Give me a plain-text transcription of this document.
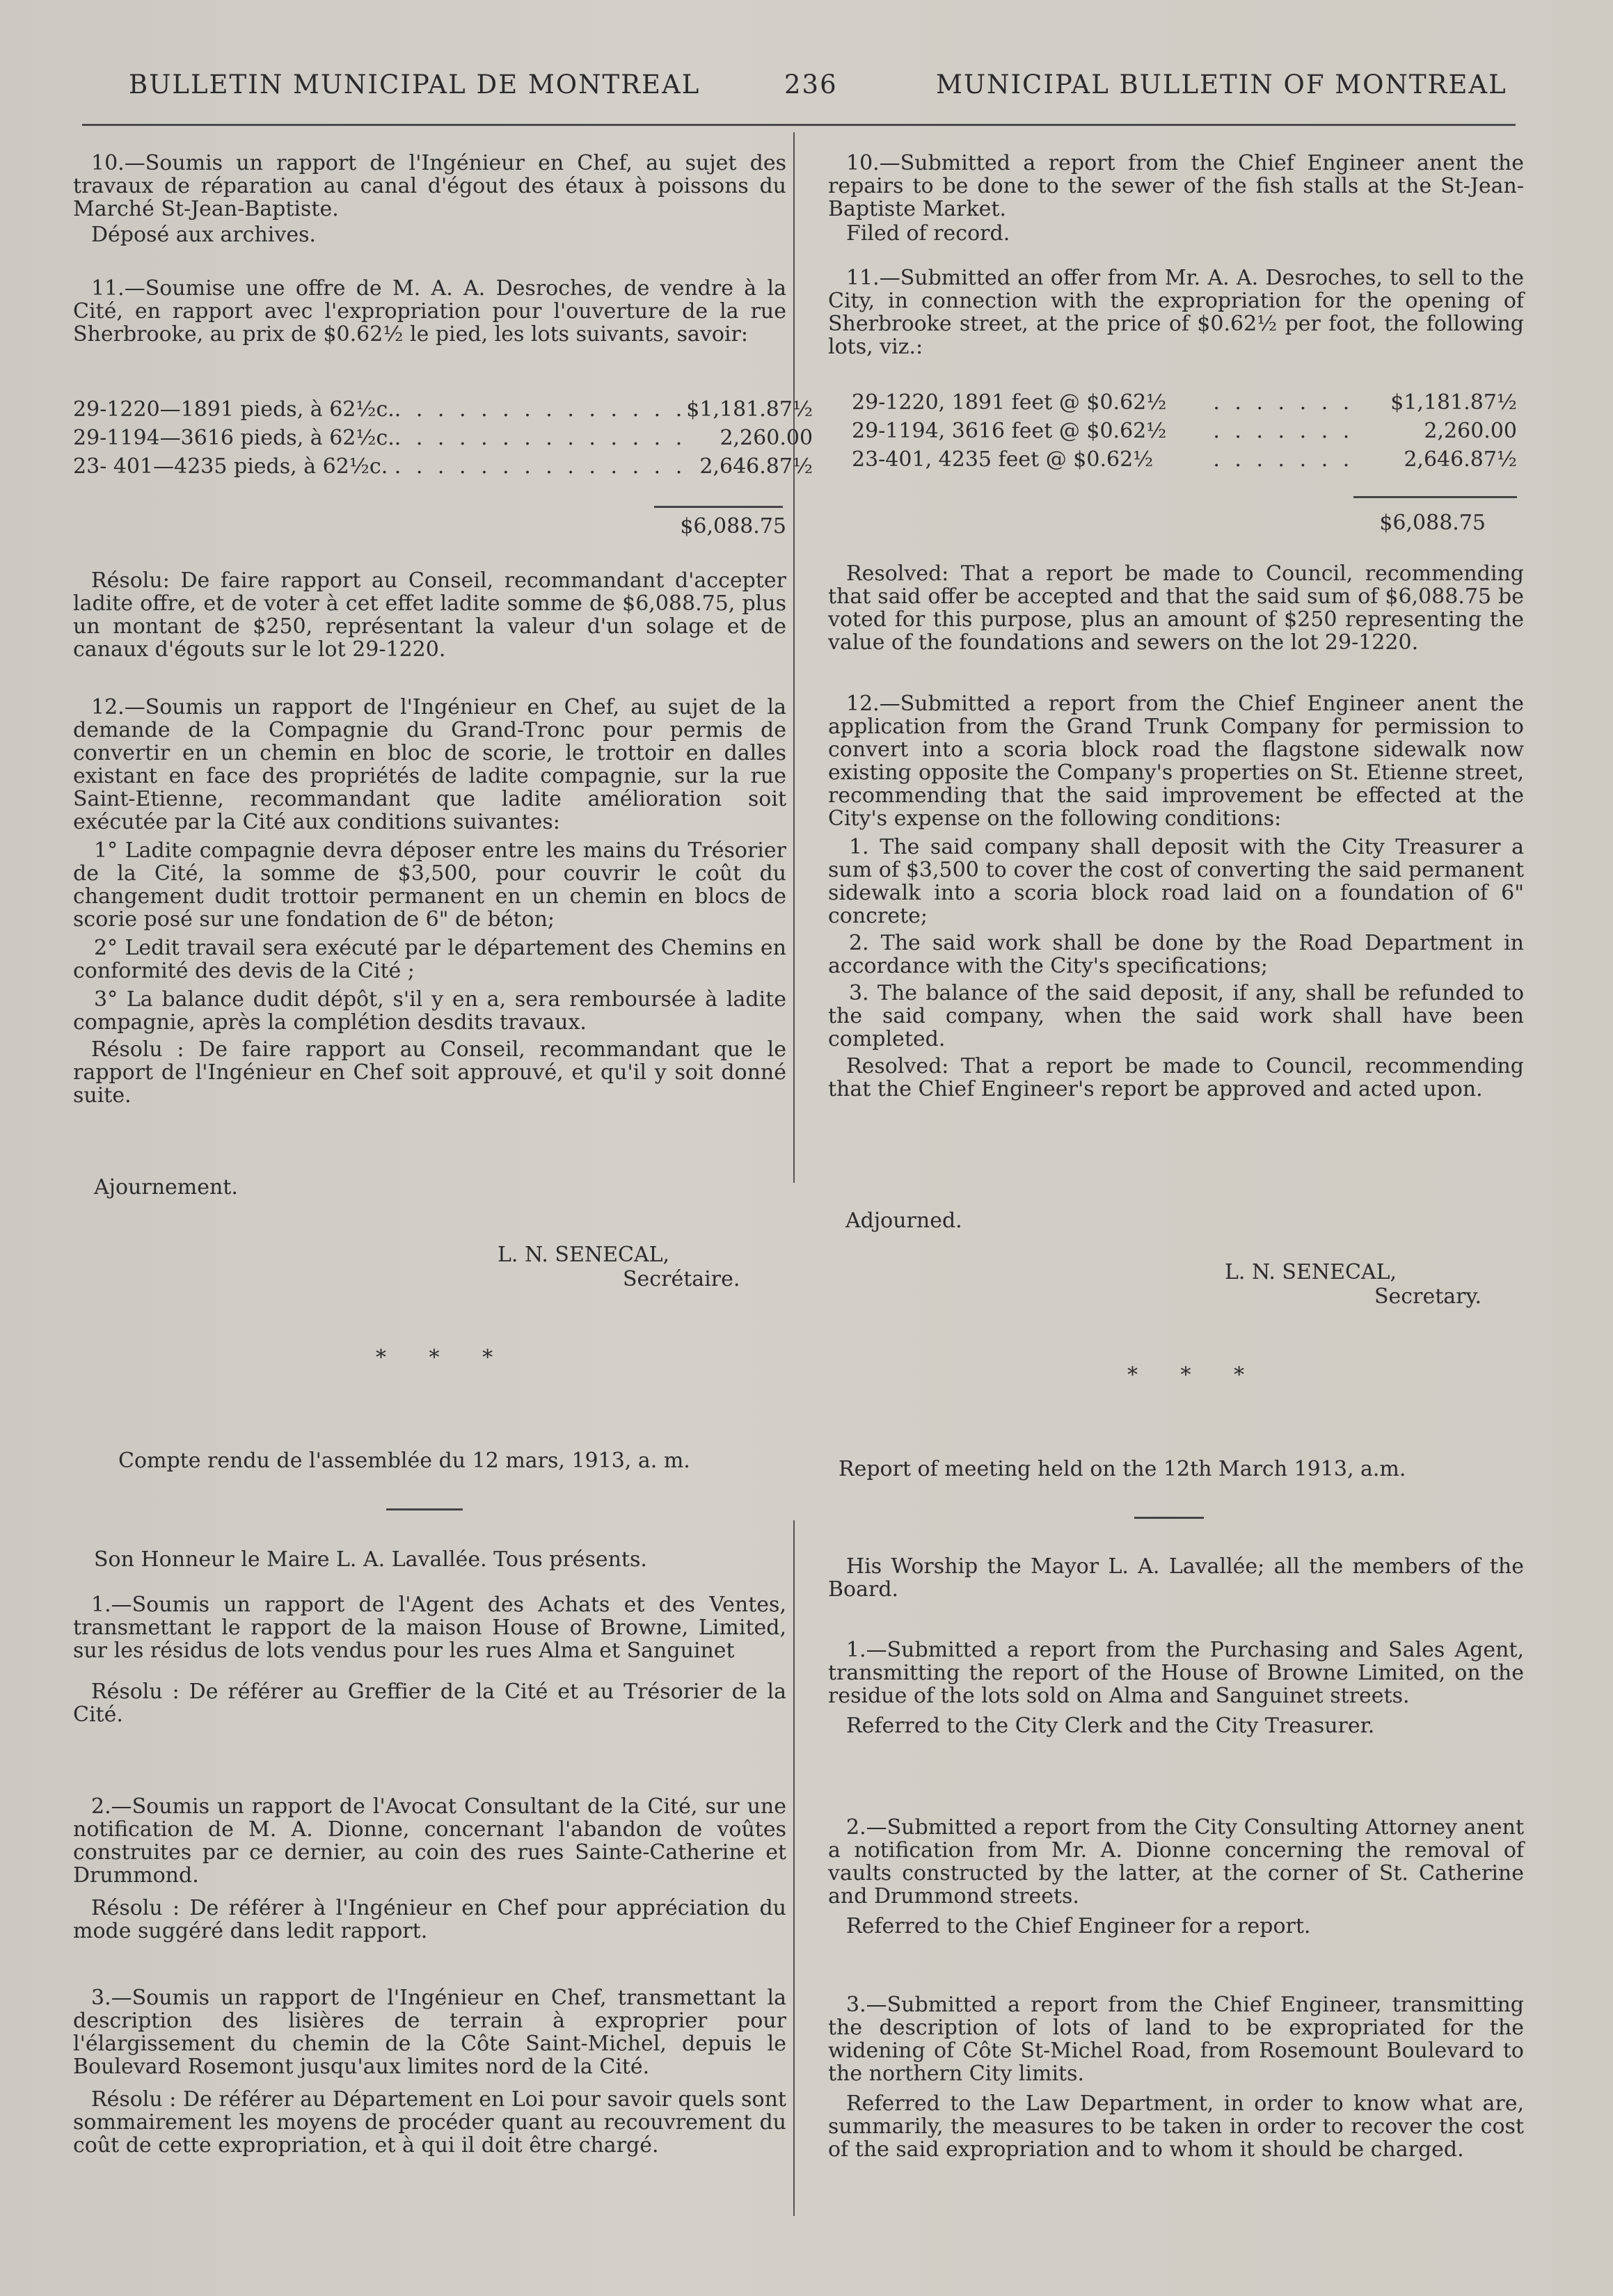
BULLETIN MUNICIPAL DE MONTREAL	236	MUNICIPAL BULLETIN OF MONTREAL

10.—Soumis un rapport de l'Ingénieur en Chef, au sujet des travaux de réparation au canal d'égout des étaux à poissons du Marché St-Jean-Baptiste.

Déposé aux archives.

11.—Soumise une offre de M. A. A. Desroches, de vendre à la Cité, en rapport avec l'expropriation pour l'ouverture de la rue Sherbrooke, au prix de $0.62½ le pied, les lots suivants, savoir:

29-1220—1891 pieds, à 62½c.	. . . . . . . . . . . . . .	$1,181.87½
29-1194—3616 pieds, à 62½c.	. . . . . . . . . . . . . .	2,260.00
23- 401—4235 pieds, à 62½c.	. . . . . . . . . . . . . .	2,646.87½
$6,088.75

Résolu: De faire rapport au Conseil, recommandant d'accepter ladite offre, et de voter à cet effet ladite somme de $6,088.75, plus un montant de $250, représentant la valeur d'un solage et de canaux d'égouts sur le lot 29-1220.

12.—Soumis un rapport de l'Ingénieur en Chef, au sujet de la demande de la Compagnie du Grand-Tronc pour permis de convertir en un chemin en bloc de scorie, le trottoir en dalles existant en face des propriétés de ladite compagnie, sur la rue Saint-Etienne, recommandant que ladite amélioration soit exécutée par la Cité aux conditions suivantes:

1° Ladite compagnie devra déposer entre les mains du Trésorier de la Cité, la somme de $3,500, pour couvrir le coût du changement dudit trottoir permanent en un chemin en blocs de scorie posé sur une fondation de 6" de béton;

2° Ledit travail sera exécuté par le département des Chemins en conformité des devis de la Cité ;

3° La balance dudit dépôt, s'il y en a, sera remboursée à ladite compagnie, après la complétion desdits travaux.

Résolu : De faire rapport au Conseil, recommandant que le rapport de l'Ingénieur en Chef soit approuvé, et qu'il y soit donné suite.

Ajournement.

L. N. SENECAL,
Secrétaire.
* * *

Compte rendu de l'assemblée du 12 mars, 1913, a. m.

Son Honneur le Maire L. A. Lavallée. Tous présents.

1.—Soumis un rapport de l'Agent des Achats et des Ventes, transmettant le rapport de la maison House of Browne, Limited, sur les résidus de lots vendus pour les rues Alma et Sanguinet

Résolu : De référer au Greffier de la Cité et au Trésorier de la Cité.

2.—Soumis un rapport de l'Avocat Consultant de la Cité, sur une notification de M. A. Dionne, concernant l'abandon de voûtes construites par ce dernier, au coin des rues Sainte-Catherine et Drummond.

Résolu : De référer à l'Ingénieur en Chef pour appréciation du mode suggéré dans ledit rapport.

3.—Soumis un rapport de l'Ingénieur en Chef, transmettant la description des lisières de terrain à exproprier pour l'élargissement du chemin de la Côte Saint-Michel, depuis le Boulevard Rosemont jusqu'aux limites nord de la Cité.

Résolu : De référer au Département en Loi pour savoir quels sont sommairement les moyens de procéder quant au recouvrement du coût de cette expropriation, et à qui il doit être chargé.

10.—Submitted a report from the Chief Engineer anent the repairs to be done to the sewer of the fish stalls at the St-Jean-Baptiste Market.

Filed of record.

11.—Submitted an offer from Mr. A. A. Desroches, to sell to the City, in connection with the expropriation for the opening of Sherbrooke street, at the price of $0.62½ per foot, the following lots, viz.:

29-1220, 1891 feet @ $0.62½	. . . . . . .	$1,181.87½
29-1194, 3616 feet @ $0.62½	. . . . . . .	2,260.00
23-401, 4235 feet @ $0.62½	. . . . . . .	2,646.87½
$6,088.75

Resolved: That a report be made to Council, recommending that said offer be accepted and that the said sum of $6,088.75 be voted for this purpose, plus an amount of $250 representing the value of the foundations and sewers on the lot 29-1220.

12.—Submitted a report from the Chief Engineer anent the application from the Grand Trunk Company for permission to convert into a scoria block road the flagstone sidewalk now existing opposite the Company's properties on St. Etienne street, recommending that the said improvement be effected at the City's expense on the following conditions:

1. The said company shall deposit with the City Treasurer a sum of $3,500 to cover the cost of converting the said permanent sidewalk into a scoria block road laid on a foundation of 6" concrete;

2. The said work shall be done by the Road Department in accordance with the City's specifications;

3. The balance of the said deposit, if any, shall be refunded to the said company, when the said work shall have been completed.

Resolved: That a report be made to Council, recommending that the Chief Engineer's report be approved and acted upon.

Adjourned.

L. N. SENECAL,
Secretary.
* * *

Report of meeting held on the 12th March 1913, a.m.

His Worship the Mayor L. A. Lavallée; all the members of the Board.

1.—Submitted a report from the Purchasing and Sales Agent, transmitting the report of the House of Browne Limited, on the residue of the lots sold on Alma and Sanguinet streets.

Referred to the City Clerk and the City Treasurer.

2.—Submitted a report from the City Consulting Attorney anent a notification from Mr. A. Dionne concerning the removal of vaults constructed by the latter, at the corner of St. Catherine and Drummond streets.

Referred to the Chief Engineer for a report.

3.—Submitted a report from the Chief Engineer, transmitting the description of lots of land to be expropriated for the widening of Côte St-Michel Road, from Rosemount Boulevard to the northern City limits.

Referred to the Law Department, in order to know what are, summarily, the measures to be taken in order to recover the cost of the said expropriation and to whom it should be charged.
